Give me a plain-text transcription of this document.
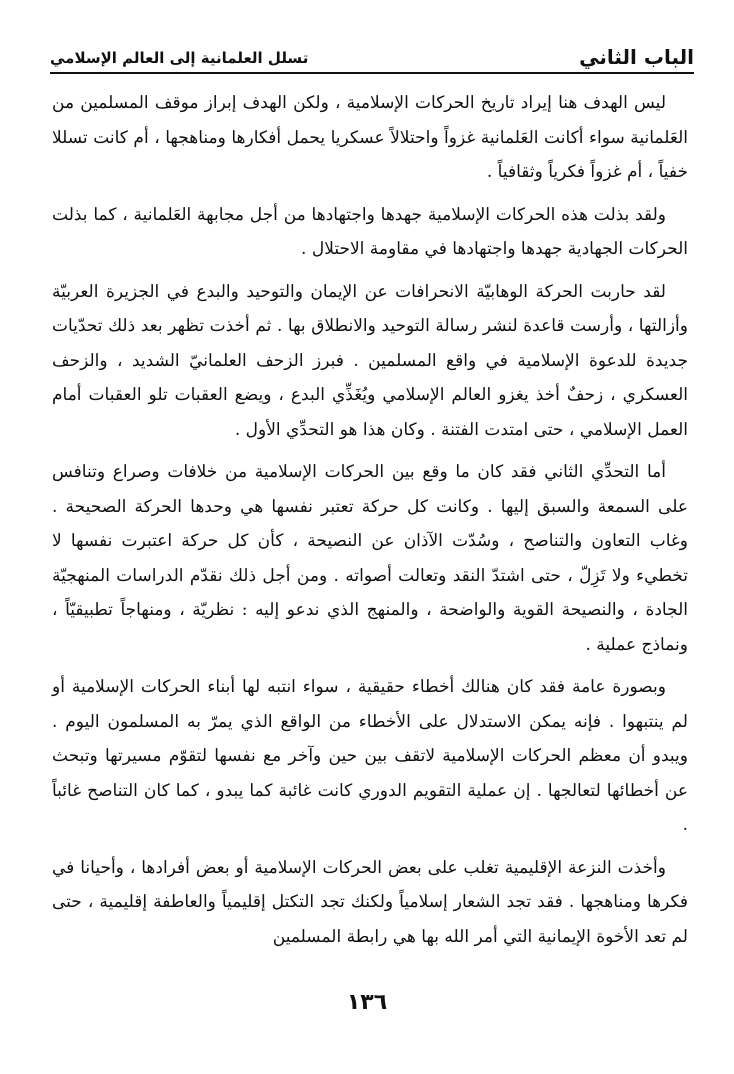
الباب الثاني
تسلل العلمانية إلى العالم الإسلامي

ليس الهدف هنا إيراد تاريخ الحركات الإسلامية ، ولكن الهدف إبراز موقف المسلمين من العَلمانية سواء أكانت العَلمانية غزواً واحتلالاً عسكريا يحمل أفكارها ومناهجها ، أم كانت تسللا خفياً ، أم غزواً فكرياً وثقافياً .

ولقد بذلت هذه الحركات الإسلامية جهدها واجتهادها من أجل مجابهة العَلمانية ، كما بذلت الحركات الجهادية جهدها واجتهادها في مقاومة الاحتلال .

لقد حاربت الحركة الوهابيّة الانحرافات عن الإيمان والتوحيد والبدع في الجزيرة العربيّة وأزالتها ، وأرست قاعدة لنشر رسالة التوحيد والانطلاق بها . ثم أخذت تظهر بعد ذلك تحدّيات جديدة للدعوة الإسلامية في واقع المسلمين . فبرز الزحف العلمانيّ الشديد ، والزحف العسكري ، زحفٌ أخذ يغزو العالم الإسلامي ويُغَذِّي البدع ، ويضع العقبات تلو العقبات أمام العمل الإسلامي ، حتى امتدت الفتنة . وكان هذا هو التحدِّي الأول .

أما التحدِّي الثاني فقد كان ما وقع بين الحركات الإسلامية من خلافات وصراع وتنافس على السمعة والسبق إليها . وكانت كل حركة تعتبر نفسها هي وحدها الحركة الصحيحة . وغاب التعاون والتناصح ، وسُدّت الآذان عن النصيحة ، كأن كل حركة اعتبرت نفسها لا تخطيء ولا تَزِلّ ، حتى اشتدّ النقد وتعالت أصواته . ومن أجل ذلك نقدّم الدراسات المنهجيّة الجادة ، والنصيحة القوية والواضحة ، والمنهج الذي ندعو إليه : نظريّة ، ومنهاجاً تطبيقيّاً ، ونماذج عملية .

وبصورة عامة فقد كان هنالك أخطاء حقيقية ، سواء انتبه لها أبناء الحركات الإسلامية أو لم ينتبهوا . فإنه يمكن الاستدلال على الأخطاء من الواقع الذي يمرّ به المسلمون اليوم . ويبدو أن معظم الحركات الإسلامية لاتقف بين حين وآخر مع نفسها لتقوّم مسيرتها وتبحث عن أخطائها لتعالجها . إن عملية التقويم الدوري كانت غائبة كما يبدو ، كما كان التناصح غائباً .

وأخذت النزعة الإقليمية تغلب على بعض الحركات الإسلامية أو بعض أفرادها ، وأحيانا في فكرها ومناهجها . فقد تجد الشعار إسلامياً ولكنك تجد التكتل إقليمياً والعاطفة إقليمية ، حتى لم تعد الأخوة الإيمانية التي أمر الله بها هي رابطة المسلمين

١٣٦
